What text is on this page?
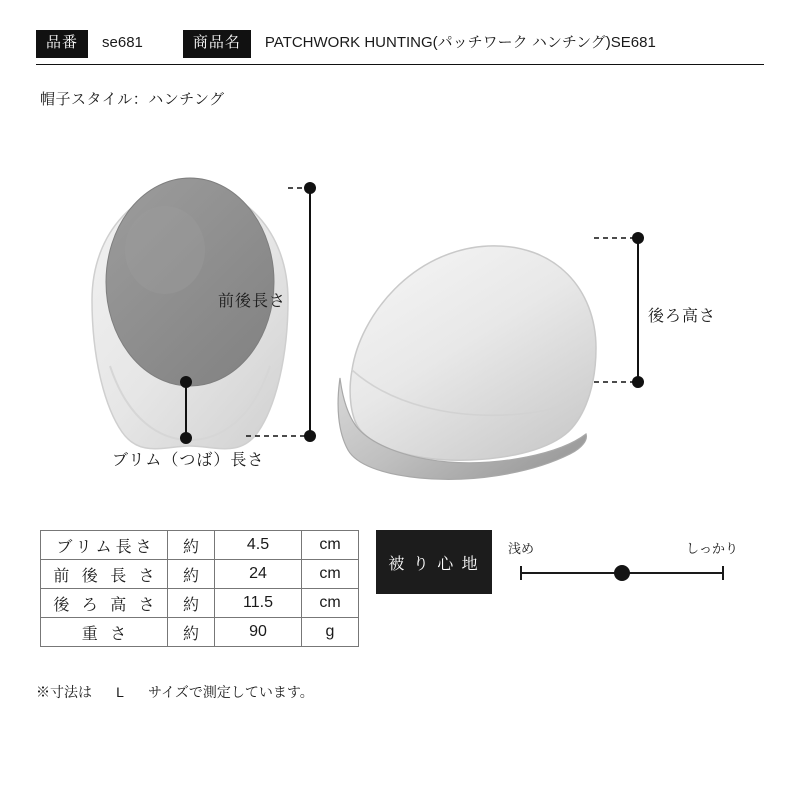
品番	se681	商品名	PATCHWORK HUNTING(パッチワーク ハンチング)SE681
帽子スタイル：ハンチング
前後長さ
ブリム（つば）長さ
後ろ高さ
ブリム長さ	約	4.5	cm
前 後 長 さ	約	24	cm
後 ろ 高 さ	約	11.5	cm
重 さ	約	90	g
※寸法は L サイズで測定しています。
被 り 心 地
浅め	しっかり
